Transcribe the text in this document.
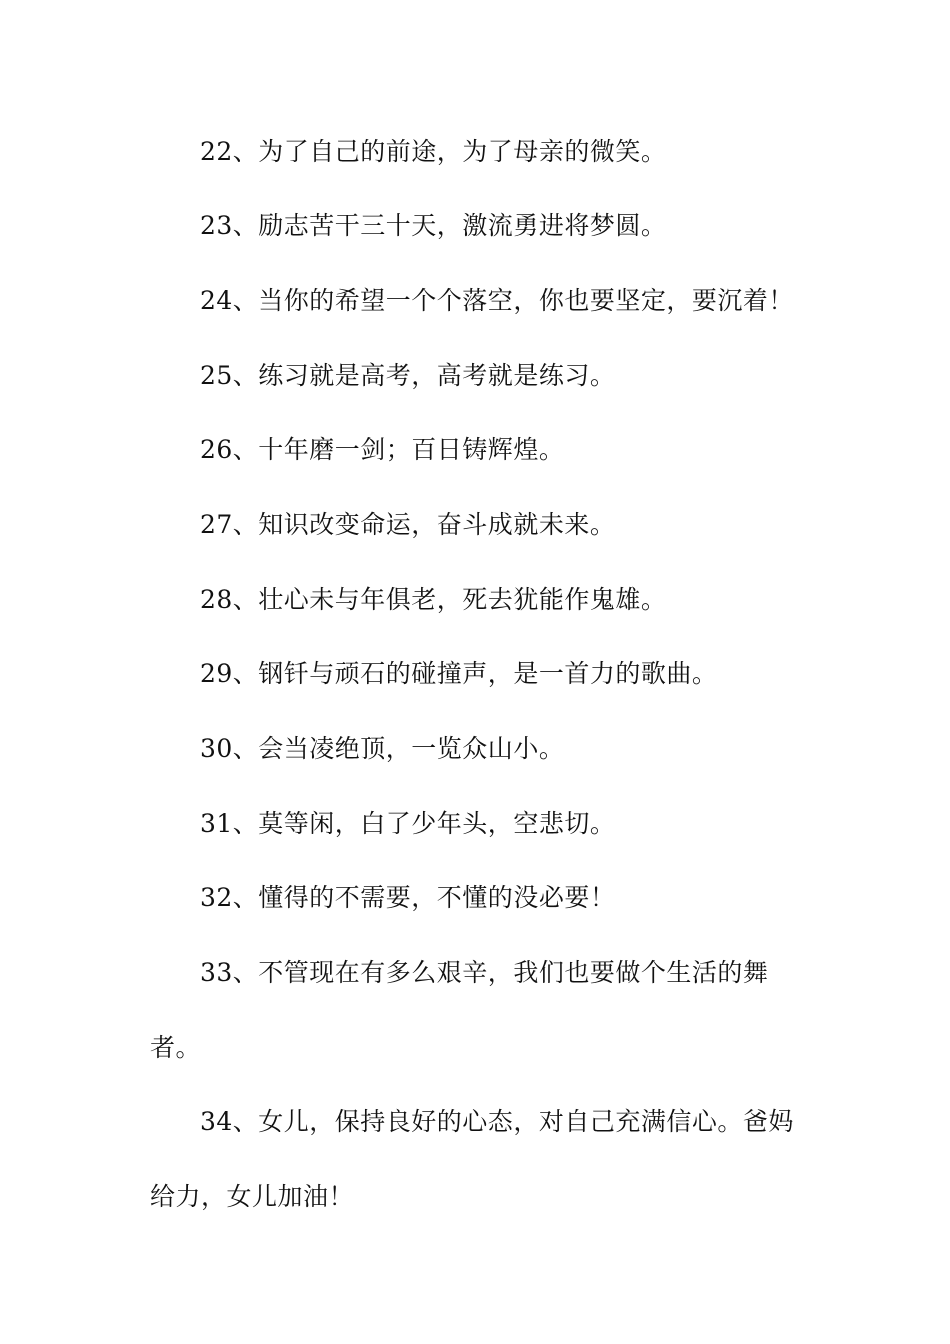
22、为了自己的前途，为了母亲的微笑。

23、励志苦干三十天，激流勇进将梦圆。

24、当你的希望一个个落空，你也要坚定，要沉着！

25、练习就是高考，高考就是练习。

26、十年磨一剑；百日铸辉煌。

27、知识改变命运，奋斗成就未来。

28、壮心未与年俱老，死去犹能作鬼雄。

29、钢钎与顽石的碰撞声，是一首力的歌曲。

30、会当凌绝顶，一览众山小。

31、莫等闲，白了少年头，空悲切。

32、懂得的不需要，不懂的没必要！

33、不管现在有多么艰辛，我们也要做个生活的舞

者。

34、女儿，保持良好的心态，对自己充满信心。爸妈

给力，女儿加油！
